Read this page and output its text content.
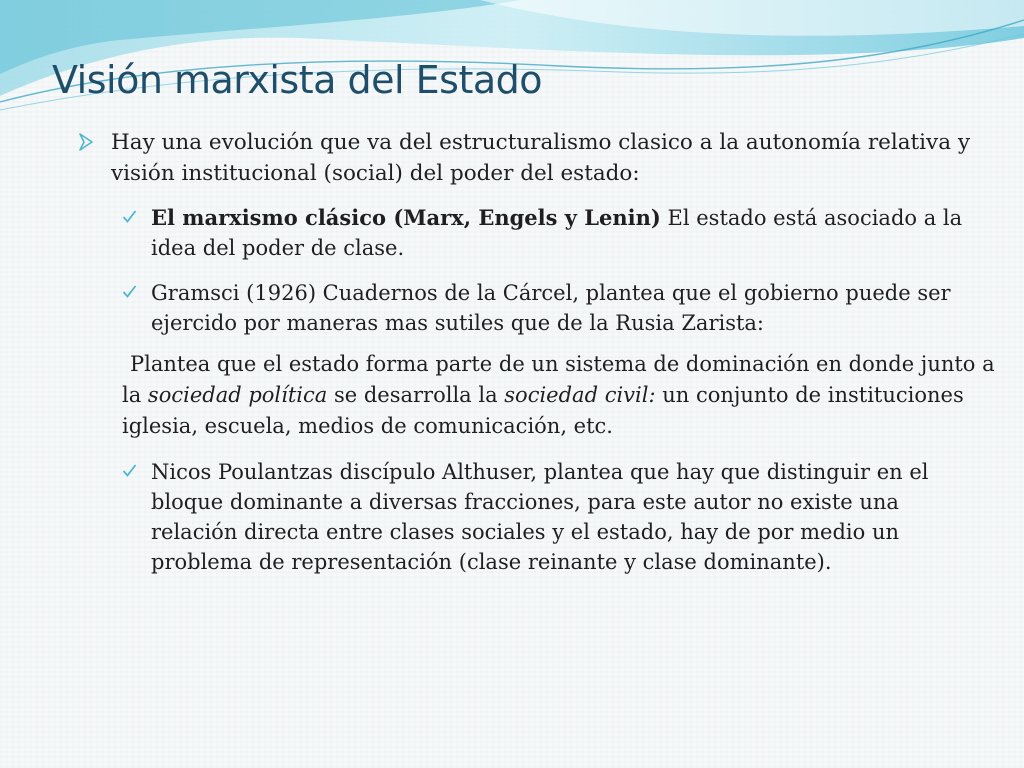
Visión marxista del Estado
Hay una evolución que va del estructuralismo clasico a la autonomía relativa y visión institucional (social) del poder del estado:
El marxismo clásico (Marx, Engels y Lenin) El estado está asociado a la idea del poder de clase.
Gramsci (1926) Cuadernos de la Cárcel, plantea que el gobierno puede ser ejercido por maneras mas sutiles que de la Rusia Zarista:

Plantea que el estado forma parte de un sistema de dominación en donde junto a la sociedad política se desarrolla la sociedad civil: un conjunto de instituciones iglesia, escuela, medios de comunicación, etc.

Nicos Poulantzas discípulo Althuser, plantea que hay que distinguir en el bloque dominante a diversas fracciones, para este autor no existe una relación directa entre clases sociales y el estado, hay de por medio un problema de representación (clase reinante y clase dominante).
